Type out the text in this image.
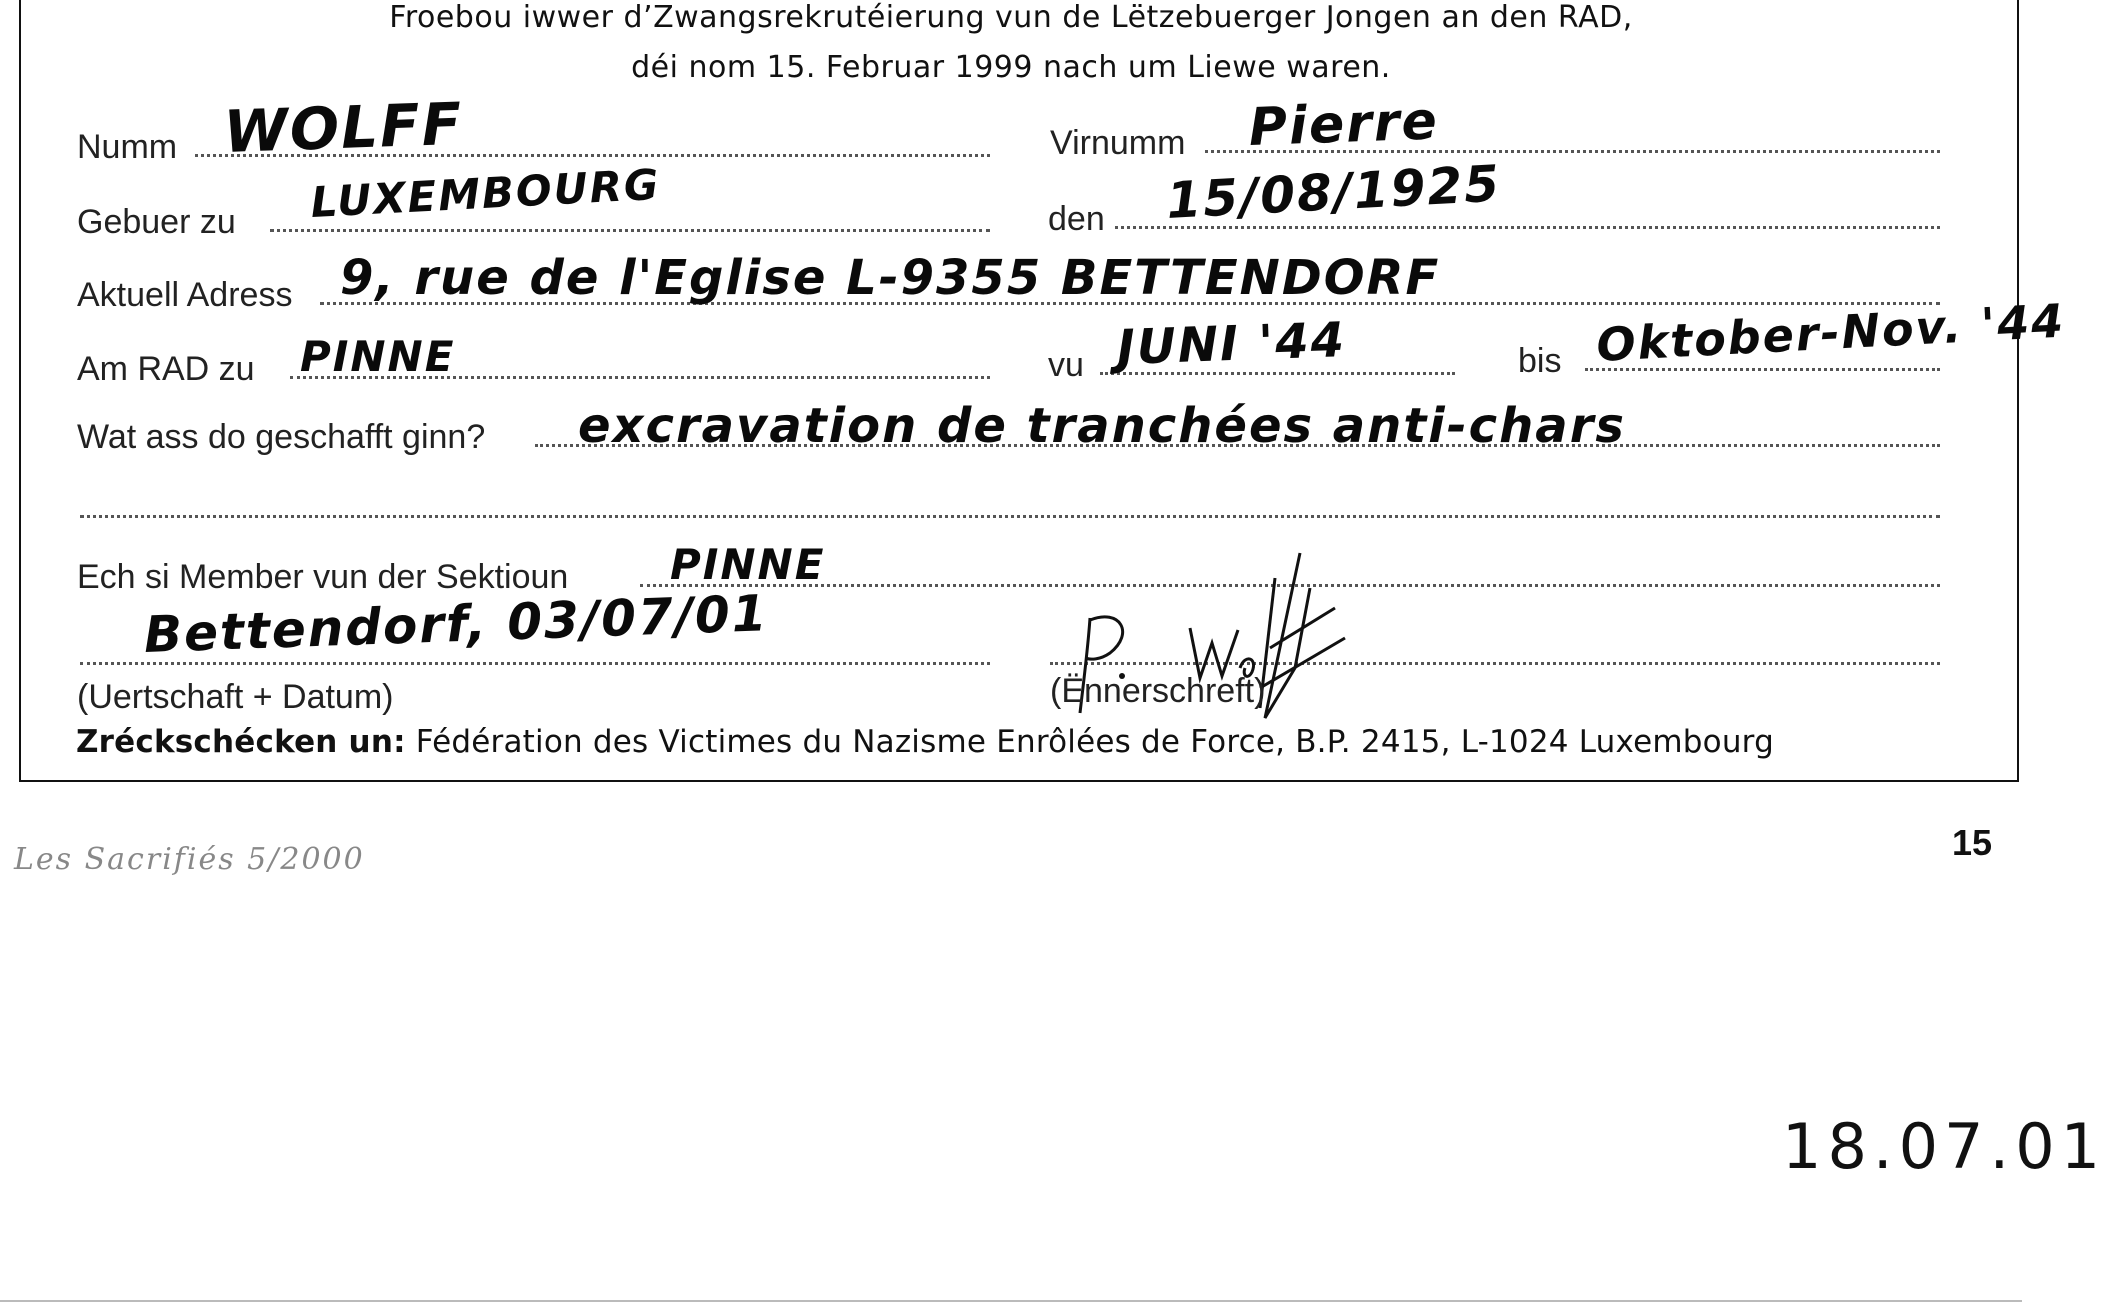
Froebou iwwer d’Zwangsrekrutéierung vun de Lëtzebuerger Jongen an den RAD,
déi nom 15. Februar 1999 nach um Liewe waren.
Numm WOLFF	Virnumm Pierre
Gebuer zu LUXEMBOURG	den 15/08/1925
Aktuell Adress 9, rue de l'Eglise L-9355 BETTENDORF
Am RAD zu PINNE	vu JUNI '44	bis Oktober-Nov. '44
Wat ass do geschafft ginn? excravation de tranchées anti-chars
Ech si Member vun der Sektioun PINNE
Bettendorf, 03/07/01
(Uertschaft + Datum)	(Ënnerschreft)
Zréckschécken un: Fédération des Victimes du Nazisme Enrôlées de Force, B.P. 2415, L-1024 Luxembourg
Les Sacrifiés 5/2000	15
18.07.01
